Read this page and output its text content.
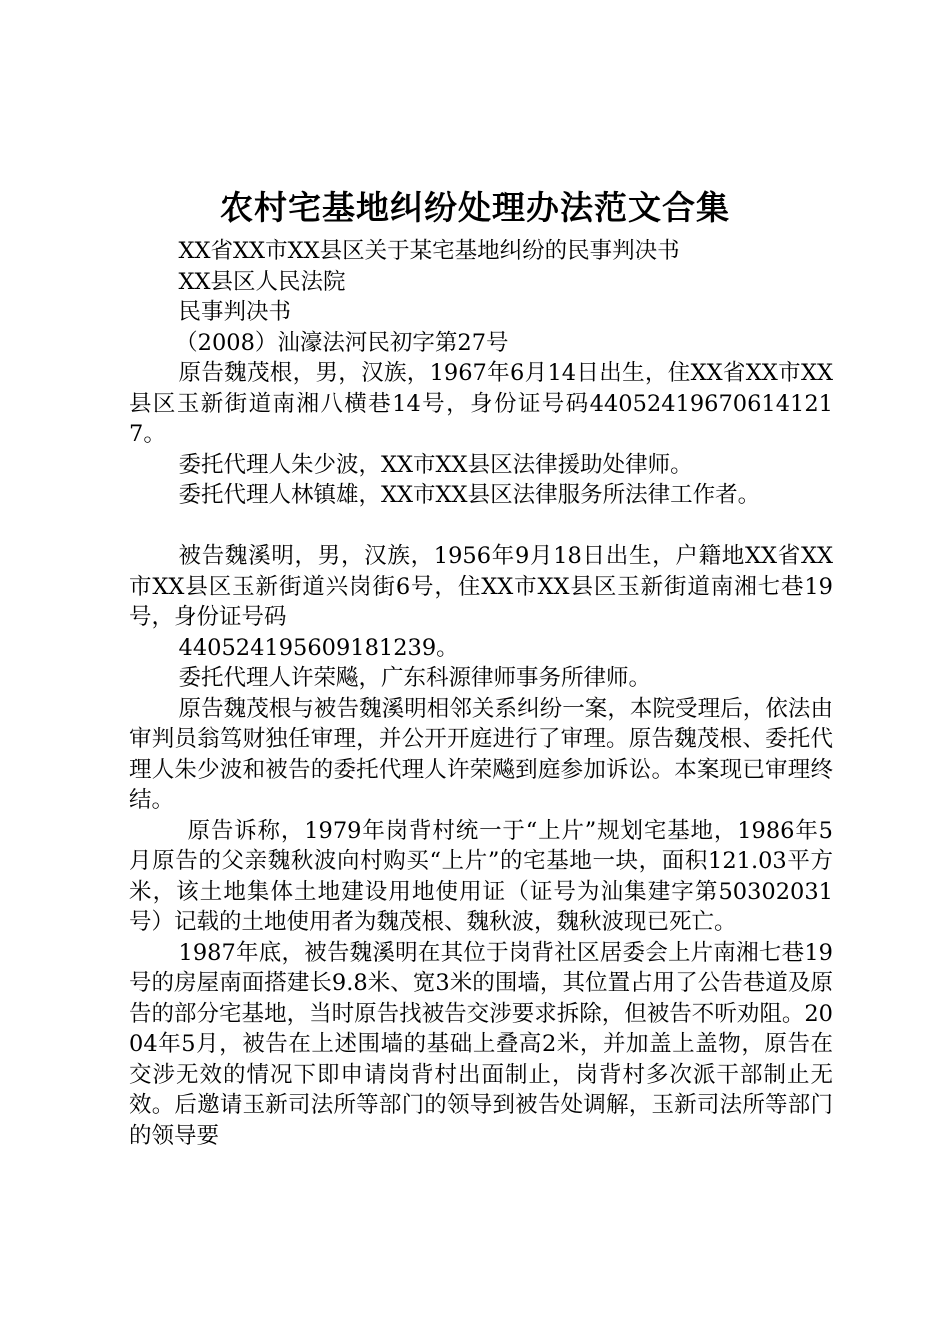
农村宅基地纠纷处理办法范文合集

XX省XX市XX县区关于某宅基地纠纷的民事判决书

XX县区人民法院

民事判决书

（2008）汕濠法河民初字第27号

原告魏茂根，男，汉族，1967年6月14日出生，住XX省XX市XX县区玉新街道南湘八横巷14号，身份证号码440524196706141217。

委托代理人朱少波，XX市XX县区法律援助处律师。

委托代理人林镇雄，XX市XX县区法律服务所法律工作者。

被告魏溪明，男，汉族，1956年9月18日出生，户籍地XX省XX市XX县区玉新街道兴岗街6号，住XX市XX县区玉新街道南湘七巷19号，身份证号码

440524195609181239。

委托代理人许荣飚，广东科源律师事务所律师。

原告魏茂根与被告魏溪明相邻关系纠纷一案，本院受理后，依法由审判员翁笃财独任审理，并公开开庭进行了审理。原告魏茂根、委托代理人朱少波和被告的委托代理人许荣飚到庭参加诉讼。本案现已审理终结。

原告诉称，1979年岗背村统一于“上片”规划宅基地，1986年5月原告的父亲魏秋波向村购买“上片”的宅基地一块，面积121.03平方米，该土地集体土地建设用地使用证（证号为汕集建字第50302031号）记载的土地使用者为魏茂根、魏秋波，魏秋波现已死亡。

1987年底，被告魏溪明在其位于岗背社区居委会上片南湘七巷19号的房屋南面搭建长9.8米、宽3米的围墙，其位置占用了公告巷道及原告的部分宅基地，当时原告找被告交涉要求拆除，但被告不听劝阻。2004年5月，被告在上述围墙的基础上叠高2米，并加盖上盖物，原告在交涉无效的情况下即申请岗背村出面制止，岗背村多次派干部制止无效。后邀请玉新司法所等部门的领导到被告处调解，玉新司法所等部门的领导要
